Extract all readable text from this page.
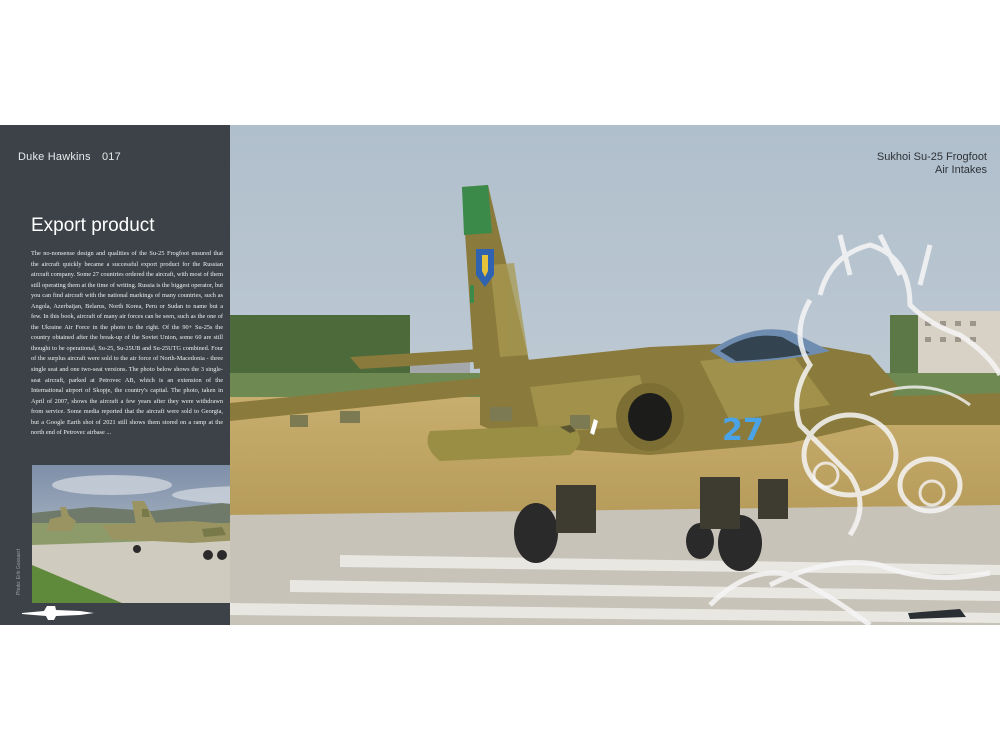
Duke Hawkins 017
Export product
The no-nonsense design and qualities of the Su-25 Frogfoot ensured that the aircraft quickly became a successful export product for the Russian aircraft company. Some 27 countries ordered the aircraft, with most of them still operating them at the time of writing. Russia is the biggest operator, but you can find aircraft with the national markings of many countries, such as Angola, Azerbaijan, Belarus, North Korea, Peru or Sudan to name but a few. In this book, aircraft of many air forces can be seen, such as the one of the Ukraine Air Force in the photo to the right. Of the 90+ Su-25s the country obtained after the break-up of the Soviet Union, some 60 are still thought to be operational, Su-25, Su-25UB and Su-25UTG combined. Four of the surplus aircraft were sold to the air force of North-Macedonia - three single seat and one two-seat versions. The photo below shows the 3 single-seat aircraft, parked at Petrovec AB, which is an extension of the International airport of Skopje, the country's capital. The photo, taken in April of 2007, shows the aircraft a few years after they were withdrawn from service. Some media reported that the aircraft were sold to Georgia, but a Google Earth shot of 2021 still shows them stored on a ramp at the north end of Petrovec airbase ...
Photo: Erik Gossaert
27
Sukhoi Su-25 Frogfoot
Air Intakes
